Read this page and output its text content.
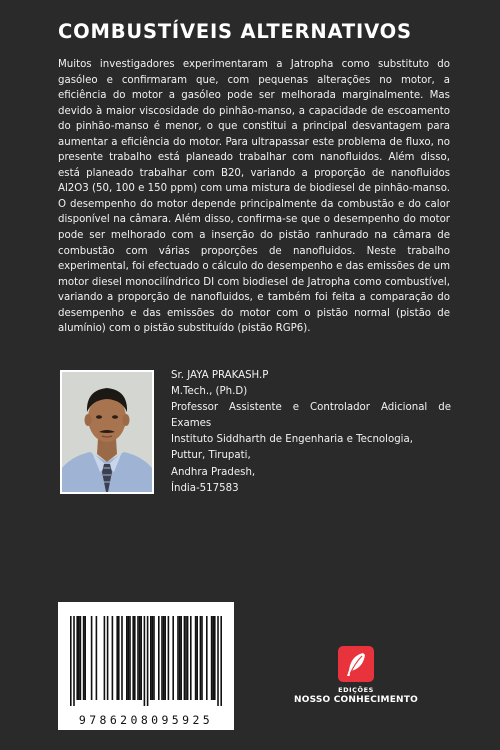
COMBUSTÍVEIS ALTERNATIVOS

Muitos investigadores experimentaram a Jatropha como substituto do gasóleo e confirmaram que, com pequenas alterações no motor, a eficiência do motor a gasóleo pode ser melhorada marginalmente. Mas devido à maior viscosidade do pinhão-manso, a capacidade de escoamento do pinhão-manso é menor, o que constitui a principal desvantagem para aumentar a eficiência do motor. Para ultrapassar este problema de fluxo, no presente trabalho está planeado trabalhar com nanofluidos. Além disso, está planeado trabalhar com B20, variando a proporção de nanofluidos Al2O3 (50, 100 e 150 ppm) com uma mistura de biodiesel de pinhão-manso. O desempenho do motor depende principalmente da combustão e do calor disponível na câmara. Além disso, confirma-se que o desempenho do motor pode ser melhorado com a inserção do pistão ranhurado na câmara de combustão com várias proporções de nanofluidos. Neste trabalho experimental, foi efectuado o cálculo do desempenho e das emissões de um motor diesel monocilíndrico DI com biodiesel de Jatropha como combustível, variando a proporção de nanofluidos, e também foi feita a comparação do desempenho e das emissões do motor com o pistão normal (pistão de alumínio) com o pistão substituído (pistão RGP6).

Sr. JAYA PRAKASH.P
M.Tech., (Ph.D)
Professor Assistente e Controlador Adicional de Exames
Instituto Siddharth de Engenharia e Tecnologia,
Puttur, Tirupati,
Andhra Pradesh,
Índia-517583
9786208095925
EDIÇÕES
NOSSO CONHECIMENTO
